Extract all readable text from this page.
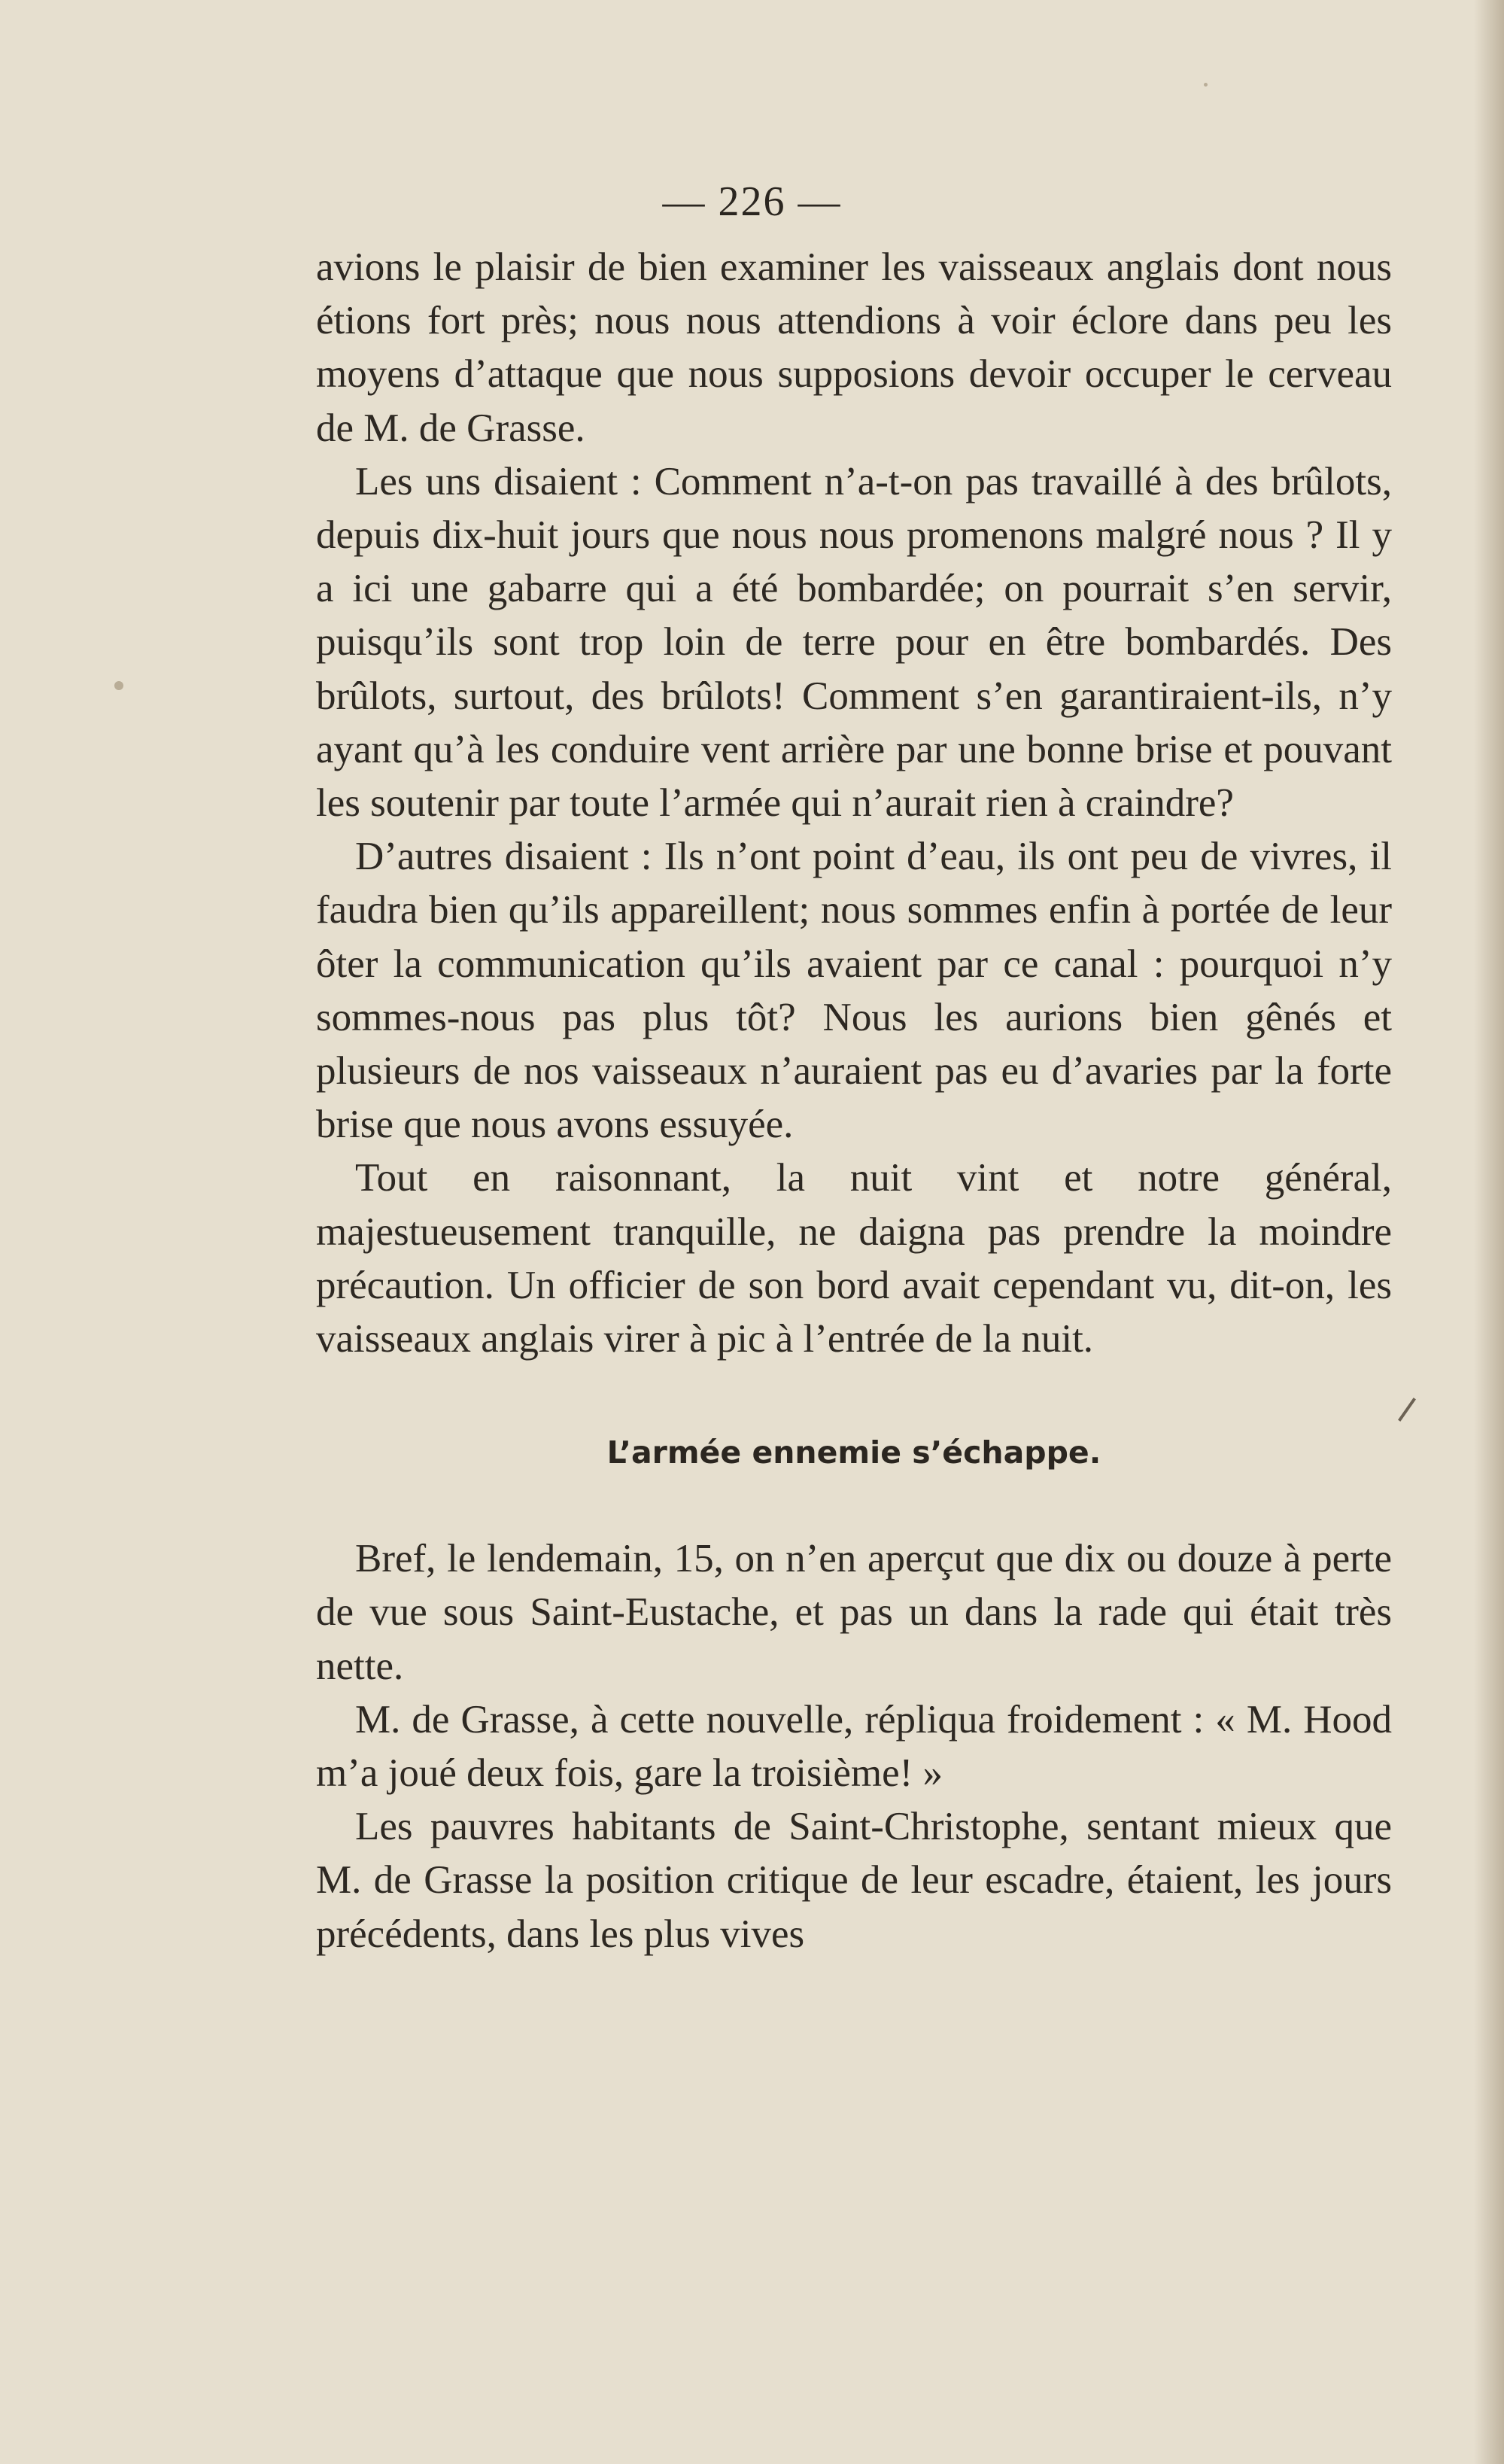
— 226 —

avions le plaisir de bien examiner les vaisseaux anglais dont nous étions fort près; nous nous attendions à voir éclore dans peu les moyens d’attaque que nous supposions devoir occuper le cerveau de M. de Grasse.

Les uns disaient : Comment n’a-t-on pas travaillé à des brûlots, depuis dix-huit jours que nous nous promenons malgré nous ? Il y a ici une gabarre qui a été bombardée; on pourrait s’en servir, puisqu’ils sont trop loin de terre pour en être bombardés. Des brûlots, surtout, des brûlots! Comment s’en garantiraient-ils, n’y ayant qu’à les conduire vent arrière par une bonne brise et pouvant les soutenir par toute l’armée qui n’aurait rien à craindre?

D’autres disaient : Ils n’ont point d’eau, ils ont peu de vivres, il faudra bien qu’ils appareillent; nous sommes enfin à portée de leur ôter la communication qu’ils avaient par ce canal : pourquoi n’y sommes-nous pas plus tôt? Nous les aurions bien gênés et plusieurs de nos vaisseaux n’auraient pas eu d’avaries par la forte brise que nous avons essuyée.

Tout en raisonnant, la nuit vint et notre général, majestueusement tranquille, ne daigna pas prendre la moindre précaution. Un officier de son bord avait cependant vu, dit-on, les vaisseaux anglais virer à pic à l’entrée de la nuit.

L’armée ennemie s’échappe.

Bref, le lendemain, 15, on n’en aperçut que dix ou douze à perte de vue sous Saint-Eustache, et pas un dans la rade qui était très nette.

M. de Grasse, à cette nouvelle, répliqua froidement : « M. Hood m’a joué deux fois, gare la troisième! »

Les pauvres habitants de Saint-Christophe, sentant mieux que M. de Grasse la position critique de leur escadre, étaient, les jours précédents, dans les plus vives
